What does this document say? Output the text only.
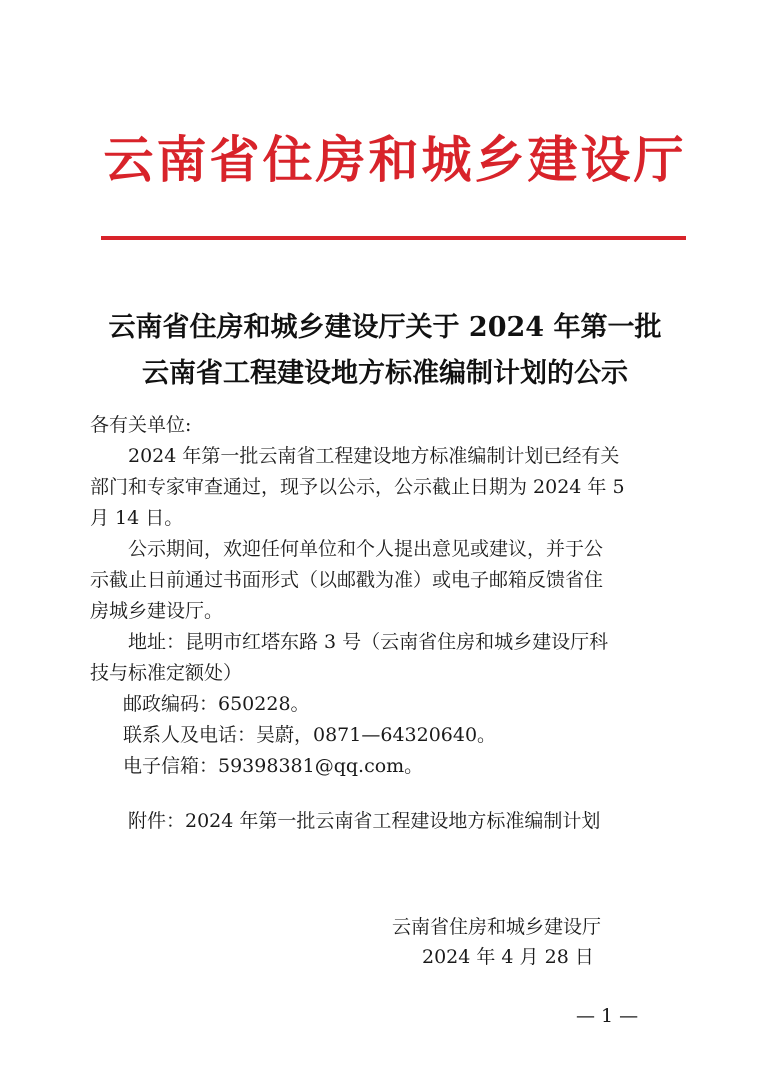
云南省住房和城乡建设厅
云南省住房和城乡建设厅关于 2024 年第一批
云南省工程建设地方标准编制计划的公示
各有关单位:
2024 年第一批云南省工程建设地方标准编制计划已经有关
部门和专家审查通过，现予以公示，公示截止日期为 2024 年 5
月 14 日。
公示期间，欢迎任何单位和个人提出意见或建议，并于公
示截止日前通过书面形式（以邮戳为准）或电子邮箱反馈省住
房城乡建设厅。
地址：昆明市红塔东路 3 号（云南省住房和城乡建设厅科
技与标准定额处）
邮政编码：650228。
联系人及电话：吴蔚，0871—64320640。
电子信箱：59398381@qq.com。
附件：2024 年第一批云南省工程建设地方标准编制计划
云南省住房和城乡建设厅
2024 年 4 月 28 日
— 1 —
